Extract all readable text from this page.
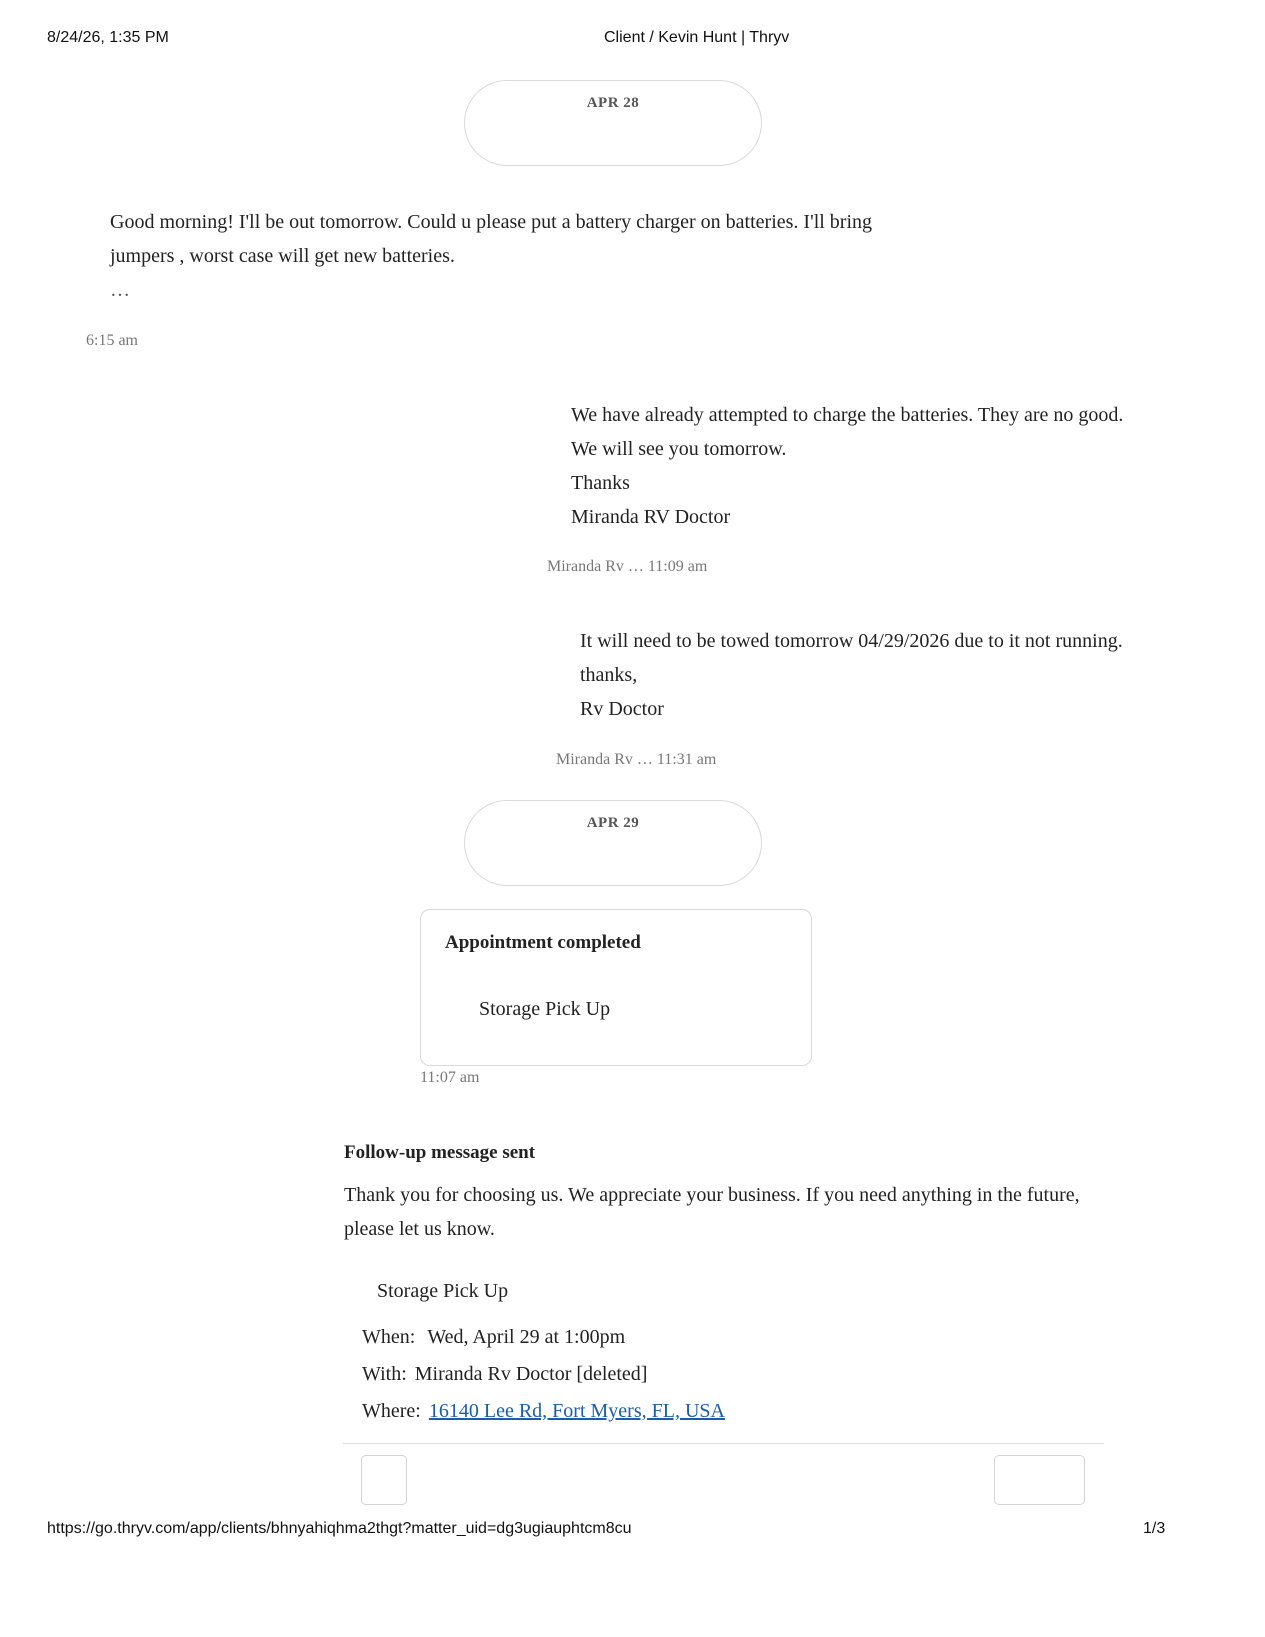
8/24/26, 1:35 PM	Client / Kevin Hunt | Thryv
APR 28
Good morning! I'll be out tomorrow. Could u please put a battery charger on batteries. I'll bring
jumpers , worst case will get new batteries.
…
6:15 am
We have already attempted to charge the batteries. They are no good.
We will see you tomorrow.
Thanks
Miranda RV Doctor
Miranda Rv … 11:09 am
It will need to be towed tomorrow 04/29/2026 due to it not running.
thanks,
Rv Doctor
Miranda Rv … 11:31 am
APR 29
Appointment completed
Storage Pick Up
11:07 am
Follow-up message sent
Thank you for choosing us. We appreciate your business. If you need anything in the future,
please let us know.
Storage Pick Up
When: Wed, April 29 at 1:00pm
With: Miranda Rv Doctor [deleted]
Where: 16140 Lee Rd, Fort Myers, FL, USA
https://go.thryv.com/app/clients/bhnyahiqhma2thgt?matter_uid=dg3ugiauphtcm8cu	1/3
